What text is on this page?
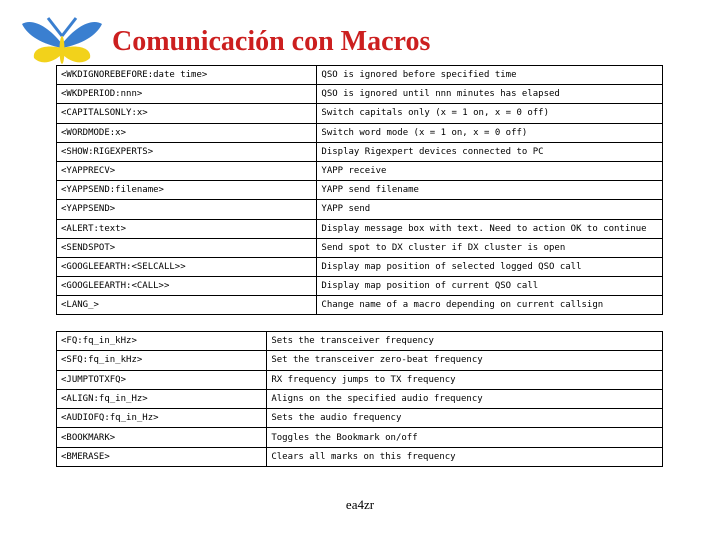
Comunicación con Macros
<WKDIGNOREBEFORE:date time>	QSO is ignored before specified time
<WKDPERIOD:nnn>	QSO is ignored until nnn minutes has elapsed
<CAPITALSONLY:x>	Switch capitals only (x = 1 on, x = 0 off)
<WORDMODE:x>	Switch word mode (x = 1 on, x = 0 off)
<SHOW:RIGEXPERTS>	Display Rigexpert devices connected to PC
<YAPPRECV>	YAPP receive
<YAPPSEND:filename>	YAPP send filename
<YAPPSEND>	YAPP send
<ALERT:text>	Display message box with text. Need to action OK to continue
<SENDSPOT>	Send spot to DX cluster if DX cluster is open
<GOOGLEEARTH:<SELCALL>>	Display map position of selected logged QSO call
<GOOGLEEARTH:<CALL>>	Display map position of current QSO call
<LANG_>	Change name of a macro depending on current callsign
<FQ:fq_in_kHz>	Sets the transceiver frequency
<SFQ:fq_in_kHz>	Set the transceiver zero-beat frequency
<JUMPTOTXFQ>	RX frequency jumps to TX frequency
<ALIGN:fq_in_Hz>	Aligns on the specified audio frequency
<AUDIOFQ:fq_in_Hz>	Sets the audio frequency
<BOOKMARK>	Toggles the Bookmark on/off
<BMERASE>	Clears all marks on this frequency
ea4zr
